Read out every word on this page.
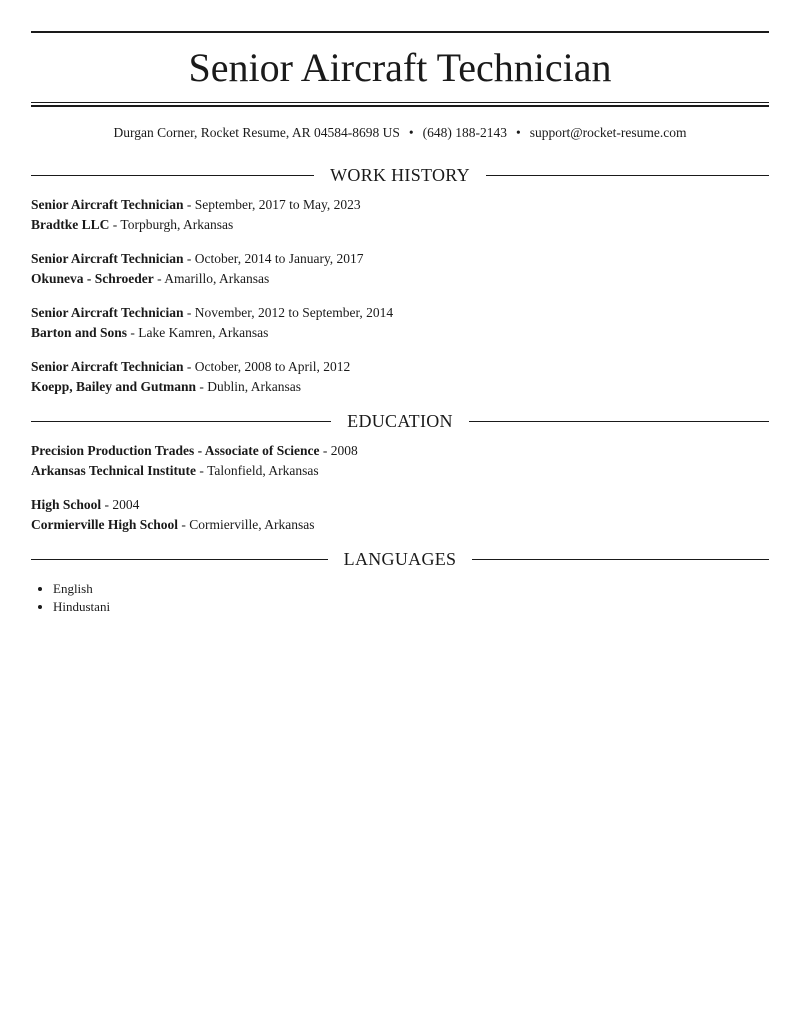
Senior Aircraft Technician
Durgan Corner, Rocket Resume, AR 04584-8698 US • (648) 188-2143 • support@rocket-resume.com
WORK HISTORY
Senior Aircraft Technician - September, 2017 to May, 2023
Bradtke LLC - Torpburgh, Arkansas
Senior Aircraft Technician - October, 2014 to January, 2017
Okuneva - Schroeder - Amarillo, Arkansas
Senior Aircraft Technician - November, 2012 to September, 2014
Barton and Sons - Lake Kamren, Arkansas
Senior Aircraft Technician - October, 2008 to April, 2012
Koepp, Bailey and Gutmann - Dublin, Arkansas
EDUCATION
Precision Production Trades - Associate of Science - 2008
Arkansas Technical Institute - Talonfield, Arkansas
High School - 2004
Cormierville High School - Cormierville, Arkansas
LANGUAGES
• English
• Hindustani
